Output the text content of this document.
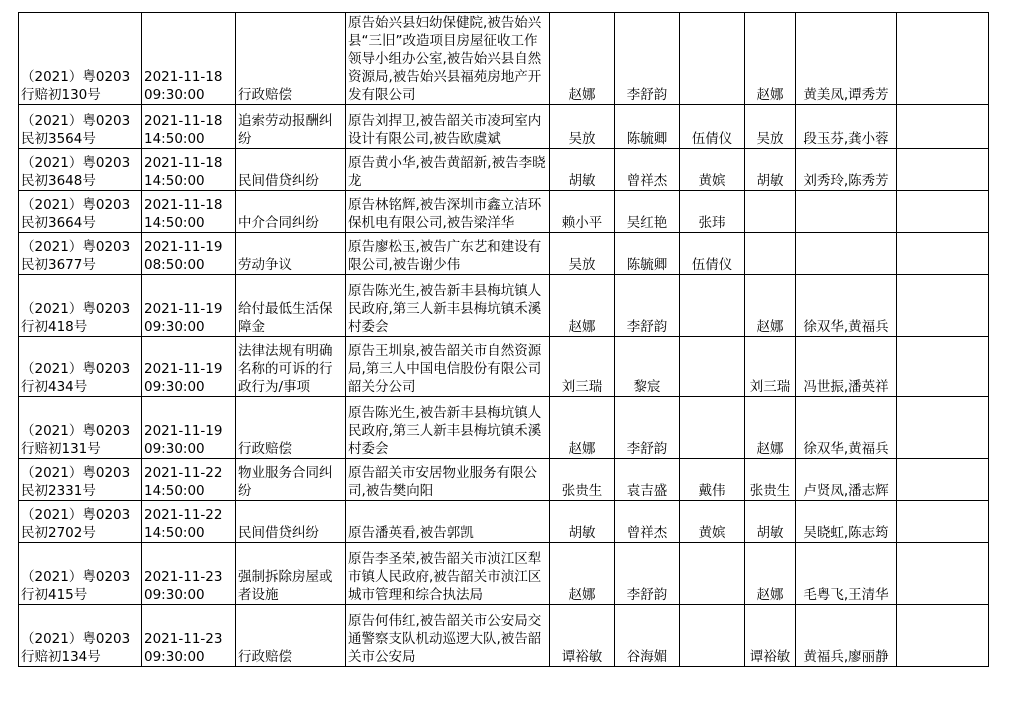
（2021）粤0203行赔初130号	2021-11-18 09:30:00	行政赔偿	原告始兴县妇幼保健院,被告始兴县“三旧”改造项目房屋征收工作领导小组办公室,被告始兴县自然资源局,被告始兴县福苑房地产开发有限公司	赵娜	李舒韵		赵娜	黄美凤,谭秀芳	
（2021）粤0203民初3564号	2021-11-18 14:50:00	追索劳动报酬纠纷	原告刘捍卫,被告韶关市凌珂室内设计有限公司,被告欧虞斌	吴放	陈毓卿	伍倩仪	吴放	段玉芬,龚小蓉	
（2021）粤0203民初3648号	2021-11-18 14:50:00	民间借贷纠纷	原告黄小华,被告黄韶新,被告李晓龙	胡敏	曾祥杰	黄嫔	胡敏	刘秀玲,陈秀芳	
（2021）粤0203民初3664号	2021-11-18 14:50:00	中介合同纠纷	原告林铭辉,被告深圳市鑫立洁环保机电有限公司,被告梁洋华	赖小平	吴红艳	张玮			
（2021）粤0203民初3677号	2021-11-19 08:50:00	劳动争议	原告廖松玉,被告广东艺和建设有限公司,被告谢少伟	吴放	陈毓卿	伍倩仪			
（2021）粤0203行初418号	2021-11-19 09:30:00	给付最低生活保障金	原告陈光生,被告新丰县梅坑镇人民政府,第三人新丰县梅坑镇禾溪村委会	赵娜	李舒韵		赵娜	徐双华,黄福兵	
（2021）粤0203行初434号	2021-11-19 09:30:00	法律法规有明确名称的可诉的行政行为/事项	原告王圳泉,被告韶关市自然资源局,第三人中国电信股份有限公司韶关分公司	刘三瑞	黎宸		刘三瑞	冯世振,潘英祥	
（2021）粤0203行赔初131号	2021-11-19 09:30:00	行政赔偿	原告陈光生,被告新丰县梅坑镇人民政府,第三人新丰县梅坑镇禾溪村委会	赵娜	李舒韵		赵娜	徐双华,黄福兵	
（2021）粤0203民初2331号	2021-11-22 14:50:00	物业服务合同纠纷	原告韶关市安居物业服务有限公司,被告樊向阳	张贵生	袁吉盛	戴伟	张贵生	卢贤凤,潘志辉	
（2021）粤0203民初2702号	2021-11-22 14:50:00	民间借贷纠纷	原告潘英看,被告郭凯	胡敏	曾祥杰	黄嫔	胡敏	吴晓虹,陈志筠	
（2021）粤0203行初415号	2021-11-23 09:30:00	强制拆除房屋或者设施	原告李圣荣,被告韶关市浈江区犁市镇人民政府,被告韶关市浈江区城市管理和综合执法局	赵娜	李舒韵		赵娜	毛粤飞,王清华	
（2021）粤0203行赔初134号	2021-11-23 09:30:00	行政赔偿	原告何伟红,被告韶关市公安局交通警察支队机动巡逻大队,被告韶关市公安局	谭裕敏	谷海媚		谭裕敏	黄福兵,廖丽静	
